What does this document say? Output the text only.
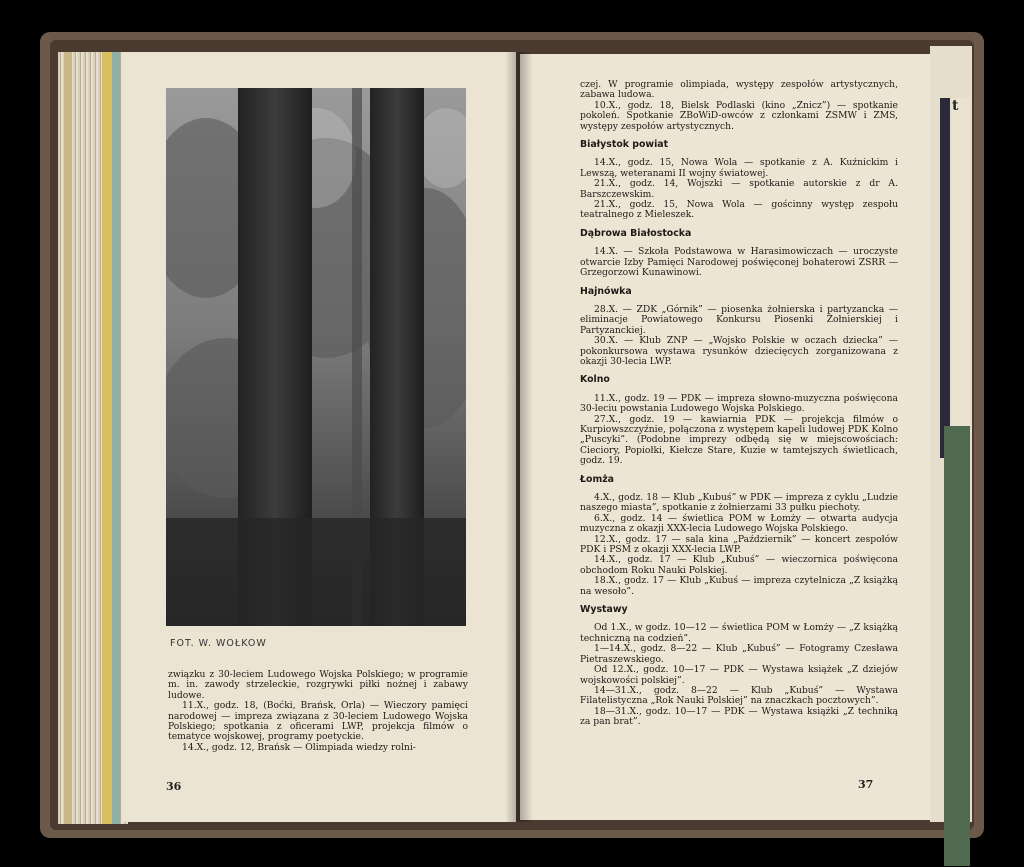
t
FOT. W. WOŁKOW

związku z 30-leciem Ludowego Wojska Polskiego; w programie m. in. zawody strzeleckie, rozgrywki piłki nożnej i zabawy ludowe.

11.X., godz. 18, (Boćki, Brańsk, Orla) — Wieczory pamięci narodowej — impreza związana z 30-leciem Ludowego Wojska Polskiego; spotkania z oficerami LWP, projekcja filmów o tematyce wojskowej, programy poetyckie.

14.X., godz. 12, Brańsk — Olimpiada wiedzy rolni-

36

czej. W programie olimpiada, występy zespołów artystycznych, zabawa ludowa.

10.X., godz. 18, Bielsk Podlaski (kino „Znicz”) — spotkanie pokoleń. Spotkanie ZBoWiD-owców z członkami ZSMW i ZMS, występy zespołów artystycznych.

Białystok powiat

14.X., godz. 15, Nowa Wola — spotkanie z A. Kuźnickim i Lewszą, weteranami II wojny światowej.

21.X., godz. 14, Wojszki — spotkanie autorskie z dr A. Barszczewskim.

21.X., godz. 15, Nowa Wola — gościnny występ zespołu teatralnego z Mieleszek.

Dąbrowa Białostocka

14.X. — Szkoła Podstawowa w Harasimowiczach — uroczyste otwarcie Izby Pamięci Narodowej poświęconej bohaterowi ZSRR — Grzegorzowi Kunawinowi.

Hajnówka

28.X. — ZDK „Górnik” — piosenka żołnierska i partyzancka — eliminacje Powiatowego Konkursu Piosenki Żołnierskiej i Partyzanckiej.

30.X. — Klub ZNP — „Wojsko Polskie w oczach dziecka” — pokonkursowa wystawa rysunków dziecięcych zorganizowana z okazji 30-lecia LWP.

Kolno

11.X., godz. 19 — PDK — impreza słowno-muzyczna poświęcona 30-leciu powstania Ludowego Wojska Polskiego.

27.X., godz. 19 — kawiarnia PDK — projekcja filmów o Kurpiowszczyźnie, połączona z występem kapeli ludowej PDK Kolno „Puscyki”. (Podobne imprezy odbędą się w miejscowościach: Cieciory, Popiołki, Kiełcze Stare, Kuzie w tamtejszych świetlicach, godz. 19.

Łomża

4.X., godz. 18 — Klub „Kubuś” w PDK — impreza z cyklu „Ludzie naszego miasta”, spotkanie z żołnierzami 33 pułku piechoty.

6.X., godz. 14 — świetlica POM w Łomży — otwarta audycja muzyczna z okazji XXX-lecia Ludowego Wojska Polskiego.

12.X., godz. 17 — sala kina „Październik” — koncert zespołów PDK i PSM z okazji XXX-lecia LWP.

14.X., godz. 17 — Klub „Kubuś” — wieczornica poświęcona obchodom Roku Nauki Polskiej.

18.X., godz. 17 — Klub „Kubuś — impreza czytelnicza „Z książką na wesoło”.

Wystawy

Od 1.X., w godz. 10—12 — świetlica POM w Łomży — „Z książką techniczną na codzień”.

1—14.X., godz. 8—22 — Klub „Kubuś” — Fotogramy Czesława Pietraszewskiego.

Od 12.X., godz. 10—17 — PDK — Wystawa książek „Z dziejów wojskowości polskiej”.

14—31.X., godz. 8—22 — Klub „Kubuś” — Wystawa Filatelistyczna „Rok Nauki Polskiej” na znaczkach pocztowych”.

18—31.X., godz. 10—17 — PDK — Wystawa książki „Z techniką za pan brat”.

37
